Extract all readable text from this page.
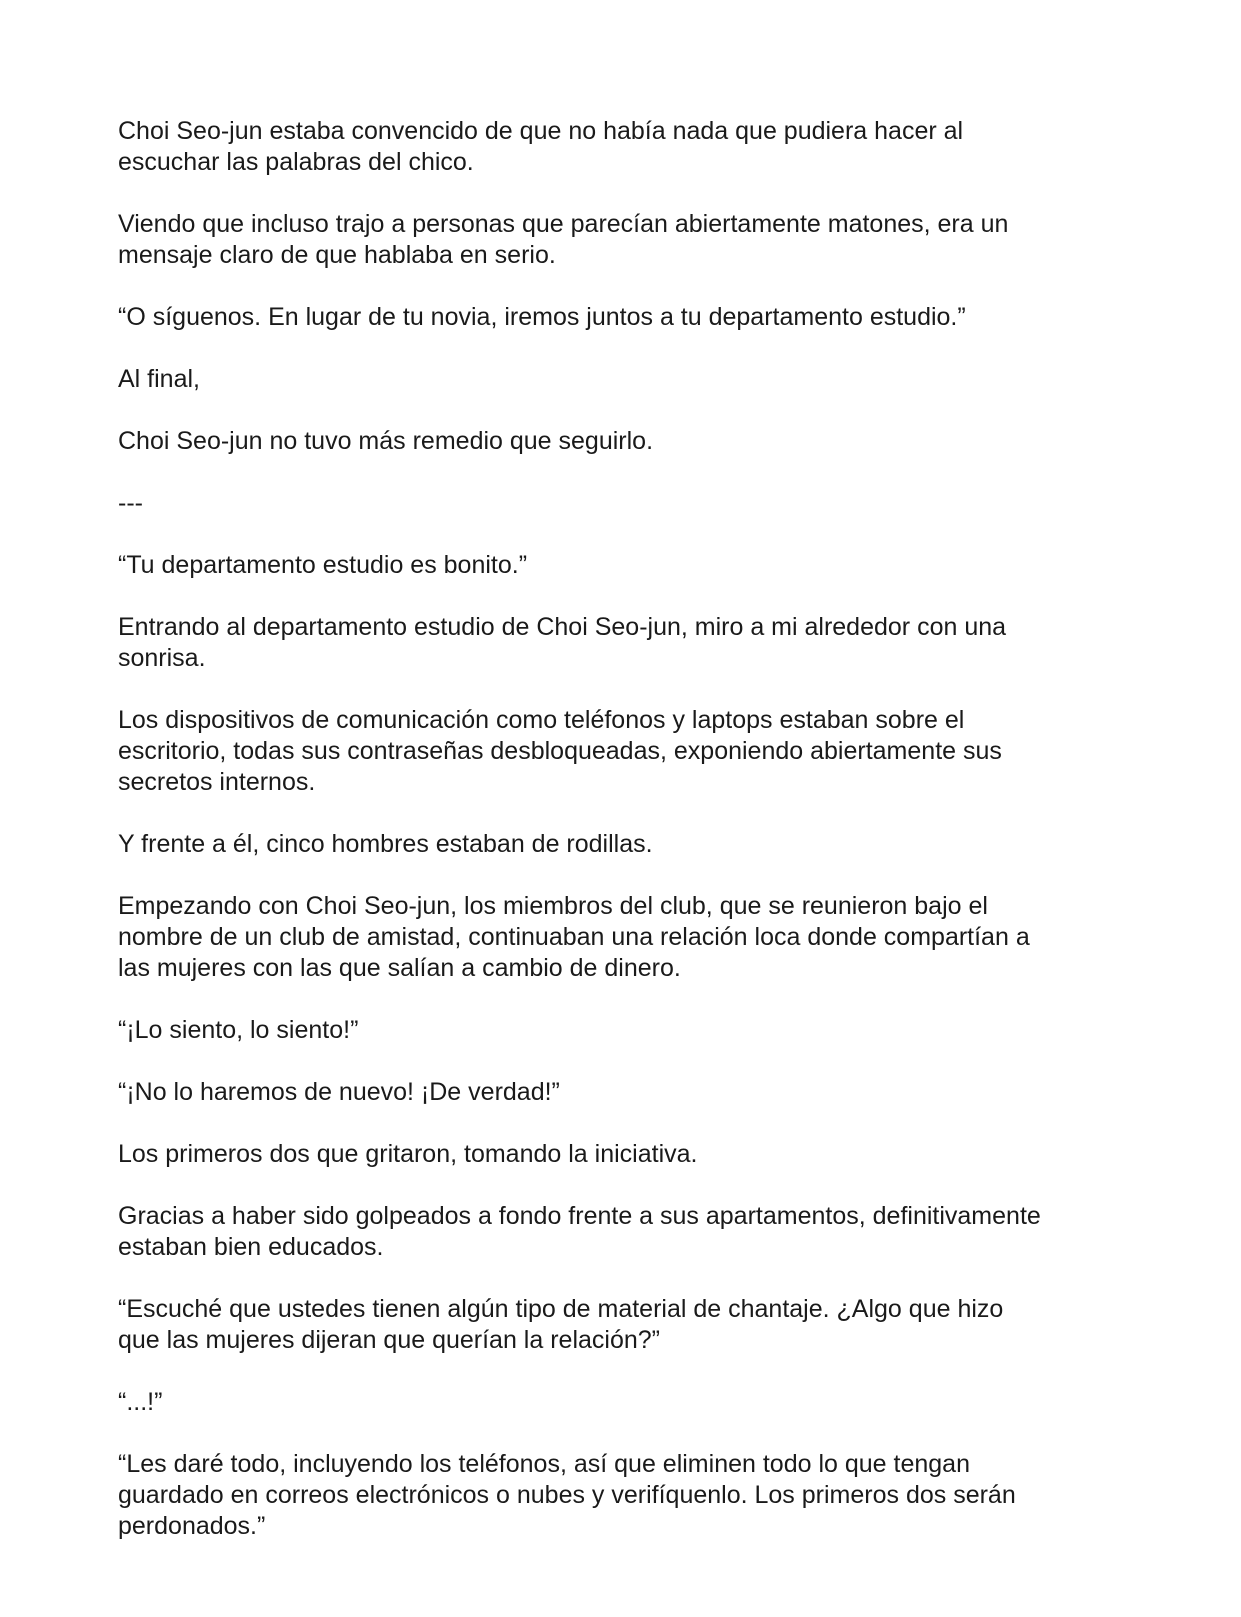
Choi Seo-jun estaba convencido de que no había nada que pudiera hacer al
escuchar las palabras del chico.

Viendo que incluso trajo a personas que parecían abiertamente matones, era un
mensaje claro de que hablaba en serio.

“O síguenos. En lugar de tu novia, iremos juntos a tu departamento estudio.”

Al final,

Choi Seo-jun no tuvo más remedio que seguirlo.

---

“Tu departamento estudio es bonito.”

Entrando al departamento estudio de Choi Seo-jun, miro a mi alrededor con una
sonrisa.

Los dispositivos de comunicación como teléfonos y laptops estaban sobre el
escritorio, todas sus contraseñas desbloqueadas, exponiendo abiertamente sus
secretos internos.

Y frente a él, cinco hombres estaban de rodillas.

Empezando con Choi Seo-jun, los miembros del club, que se reunieron bajo el
nombre de un club de amistad, continuaban una relación loca donde compartían a
las mujeres con las que salían a cambio de dinero.

“¡Lo siento, lo siento!”

“¡No lo haremos de nuevo! ¡De verdad!”

Los primeros dos que gritaron, tomando la iniciativa.

Gracias a haber sido golpeados a fondo frente a sus apartamentos, definitivamente
estaban bien educados.

“Escuché que ustedes tienen algún tipo de material de chantaje. ¿Algo que hizo
que las mujeres dijeran que querían la relación?”

“...!”

“Les daré todo, incluyendo los teléfonos, así que eliminen todo lo que tengan
guardado en correos electrónicos o nubes y verifíquenlo. Los primeros dos serán
perdonados.”
